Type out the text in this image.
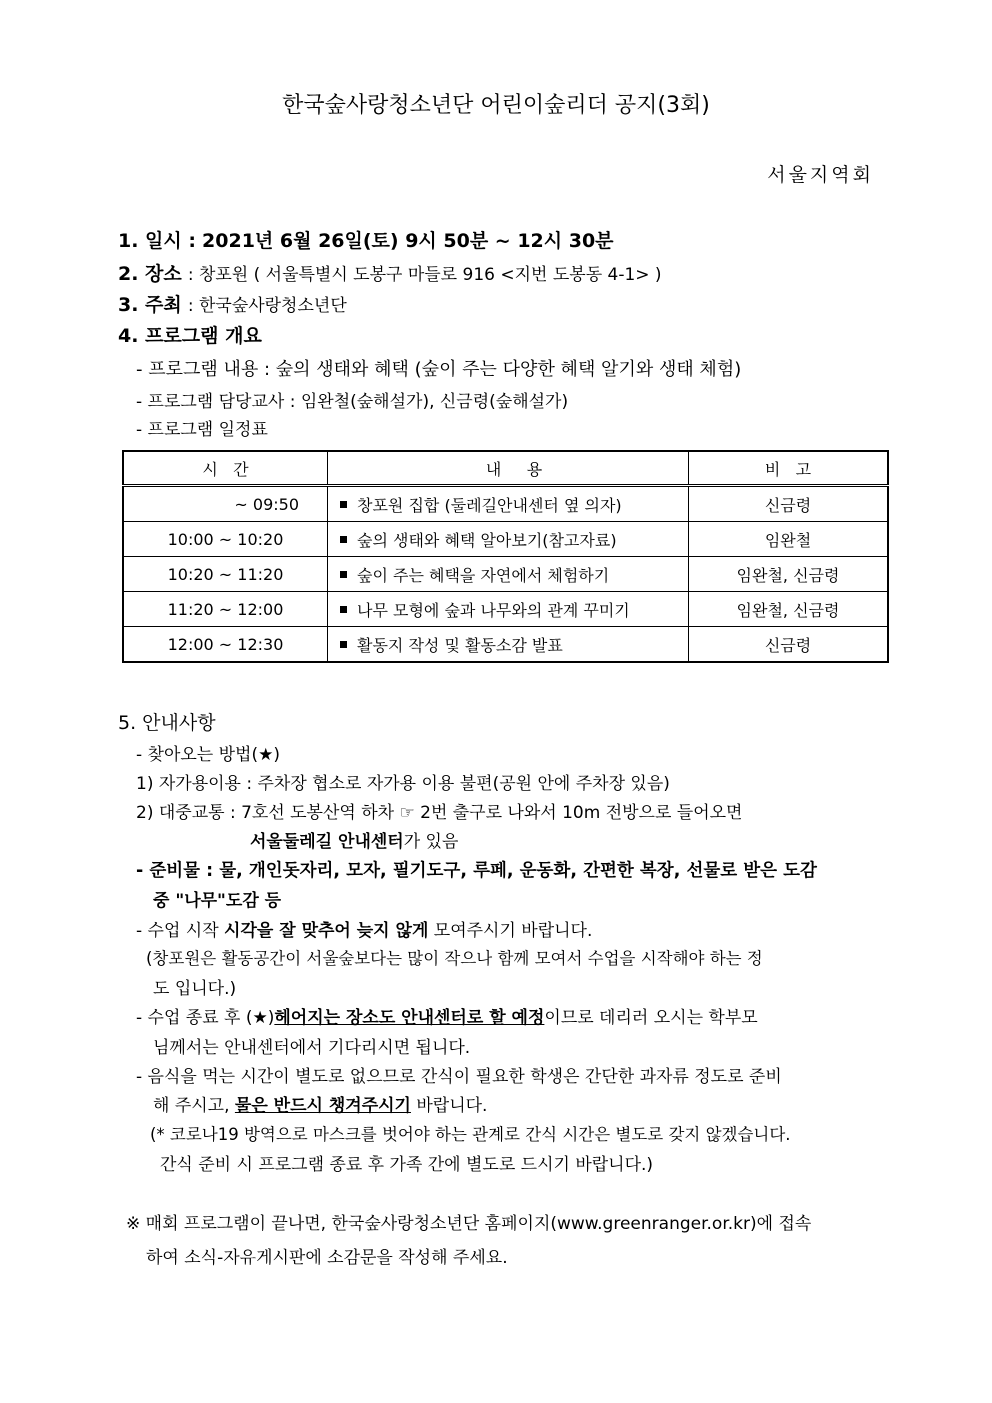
한국숲사랑청소년단 어린이숲리더 공지(3회)
서울지역회
1. 일시 : 2021년 6월 26일(토) 9시 50분 ~ 12시 30분
2. 장소 : 창포원 ( 서울특별시 도봉구 마들로 916 <지번 도봉동 4-1> )
3. 주최 : 한국숲사랑청소년단
4. 프로그램 개요
- 프로그램 내용 : 숲의 생태와 혜택 (숲이 주는 다양한 혜택 알기와 생태 체험)
- 프로그램 담당교사 : 임완철(숲해설가), 신금령(숲해설가)
- 프로그램 일정표
시   간	내     용	비   고
~ 09:50	창포원 집합 (둘레길안내센터 옆 의자)	신금령
10:00 ~ 10:20	숲의 생태와 혜택 알아보기(참고자료)	임완철
10:20 ~ 11:20	숲이 주는 혜택을 자연에서 체험하기	임완철, 신금령
11:20 ~ 12:00	나무 모형에 숲과 나무와의 관계 꾸미기	임완철, 신금령
12:00 ~ 12:30	활동지 작성 및 활동소감 발표	신금령
5. 안내사항
- 찾아오는 방법(★)
1) 자가용이용 : 주차장 협소로 자가용 이용 불편(공원 안에 주차장 있음)
2) 대중교통 : 7호선 도봉산역 하차 ☞ 2번 출구로 나와서 10m 전방으로 들어오면
서울둘레길 안내센터가 있음
- 준비물 : 물, 개인돗자리, 모자, 필기도구, 루페, 운동화, 간편한 복장, 선물로 받은 도감
중 "나무"도감 등
- 수업 시작 시각을 잘 맞추어 늦지 않게 모여주시기 바랍니다.
(창포원은 활동공간이 서울숲보다는 많이 작으나 함께 모여서 수업을 시작해야 하는 정
도 입니다.)
- 수업 종료 후 (★)헤어지는 장소도 안내센터로 할 예정이므로 데리러 오시는 학부모
님께서는 안내센터에서 기다리시면 됩니다.
- 음식을 먹는 시간이 별도로 없으므로 간식이 필요한 학생은 간단한 과자류 정도로 준비
해 주시고, 물은 반드시 챙겨주시기 바랍니다.
(* 코로나19 방역으로 마스크를 벗어야 하는 관계로 간식 시간은 별도로 갖지 않겠습니다.
간식 준비 시 프로그램 종료 후 가족 간에 별도로 드시기 바랍니다.)
※ 매회 프로그램이 끝나면, 한국숲사랑청소년단 홈페이지(www.greenranger.or.kr)에 접속
하여 소식-자유게시판에 소감문을 작성해 주세요.
